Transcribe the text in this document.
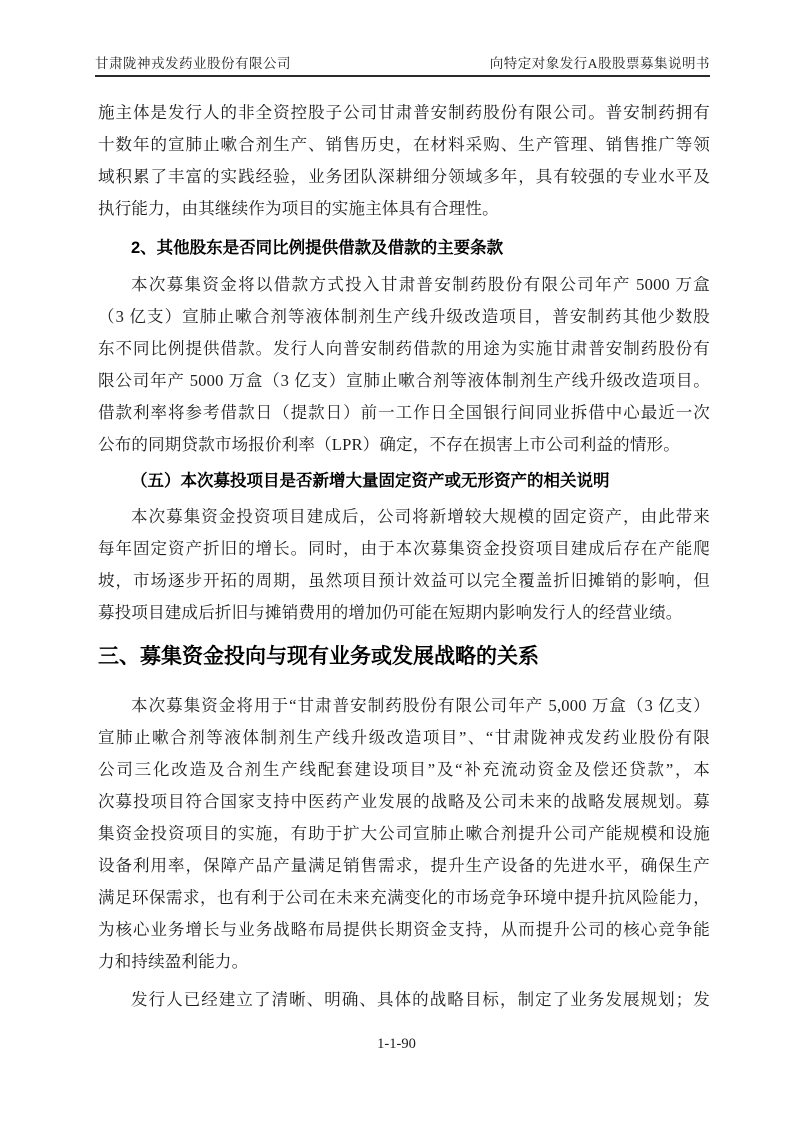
甘肃陇神戎发药业股份有限公司	向特定对象发行A股股票募集说明书

施主体是发行人的非全资控股子公司甘肃普安制药股份有限公司。普安制药拥有
十数年的宣肺止嗽合剂生产、销售历史，在材料采购、生产管理、销售推广等领
域积累了丰富的实践经验，业务团队深耕细分领域多年，具有较强的专业水平及
执行能力，由其继续作为项目的实施主体具有合理性。

2、其他股东是否同比例提供借款及借款的主要条款

本次募集资金将以借款方式投入甘肃普安制药股份有限公司年产 5000 万盒
（3 亿支）宣肺止嗽合剂等液体制剂生产线升级改造项目，普安制药其他少数股
东不同比例提供借款。发行人向普安制药借款的用途为实施甘肃普安制药股份有
限公司年产 5000 万盒（3 亿支）宣肺止嗽合剂等液体制剂生产线升级改造项目。
借款利率将参考借款日（提款日）前一工作日全国银行间同业拆借中心最近一次
公布的同期贷款市场报价利率（LPR）确定，不存在损害上市公司利益的情形。

（五）本次募投项目是否新增大量固定资产或无形资产的相关说明

本次募集资金投资项目建成后，公司将新增较大规模的固定资产，由此带来
每年固定资产折旧的增长。同时，由于本次募集资金投资项目建成后存在产能爬
坡，市场逐步开拓的周期，虽然项目预计效益可以完全覆盖折旧摊销的影响，但
募投项目建成后折旧与摊销费用的增加仍可能在短期内影响发行人的经营业绩。

三、募集资金投向与现有业务或发展战略的关系

本次募集资金将用于“甘肃普安制药股份有限公司年产 5,000 万盒（3 亿支）
宣肺止嗽合剂等液体制剂生产线升级改造项目”、“甘肃陇神戎发药业股份有限
公司三化改造及合剂生产线配套建设项目”及“补充流动资金及偿还贷款”，本
次募投项目符合国家支持中医药产业发展的战略及公司未来的战略发展规划。募
集资金投资项目的实施，有助于扩大公司宣肺止嗽合剂提升公司产能规模和设施
设备利用率，保障产品产量满足销售需求，提升生产设备的先进水平，确保生产
满足环保需求，也有利于公司在未来充满变化的市场竞争环境中提升抗风险能力，
为核心业务增长与业务战略布局提供长期资金支持，从而提升公司的核心竞争能
力和持续盈利能力。

发行人已经建立了清晰、明确、具体的战略目标，制定了业务发展规划；发

1-1-90
